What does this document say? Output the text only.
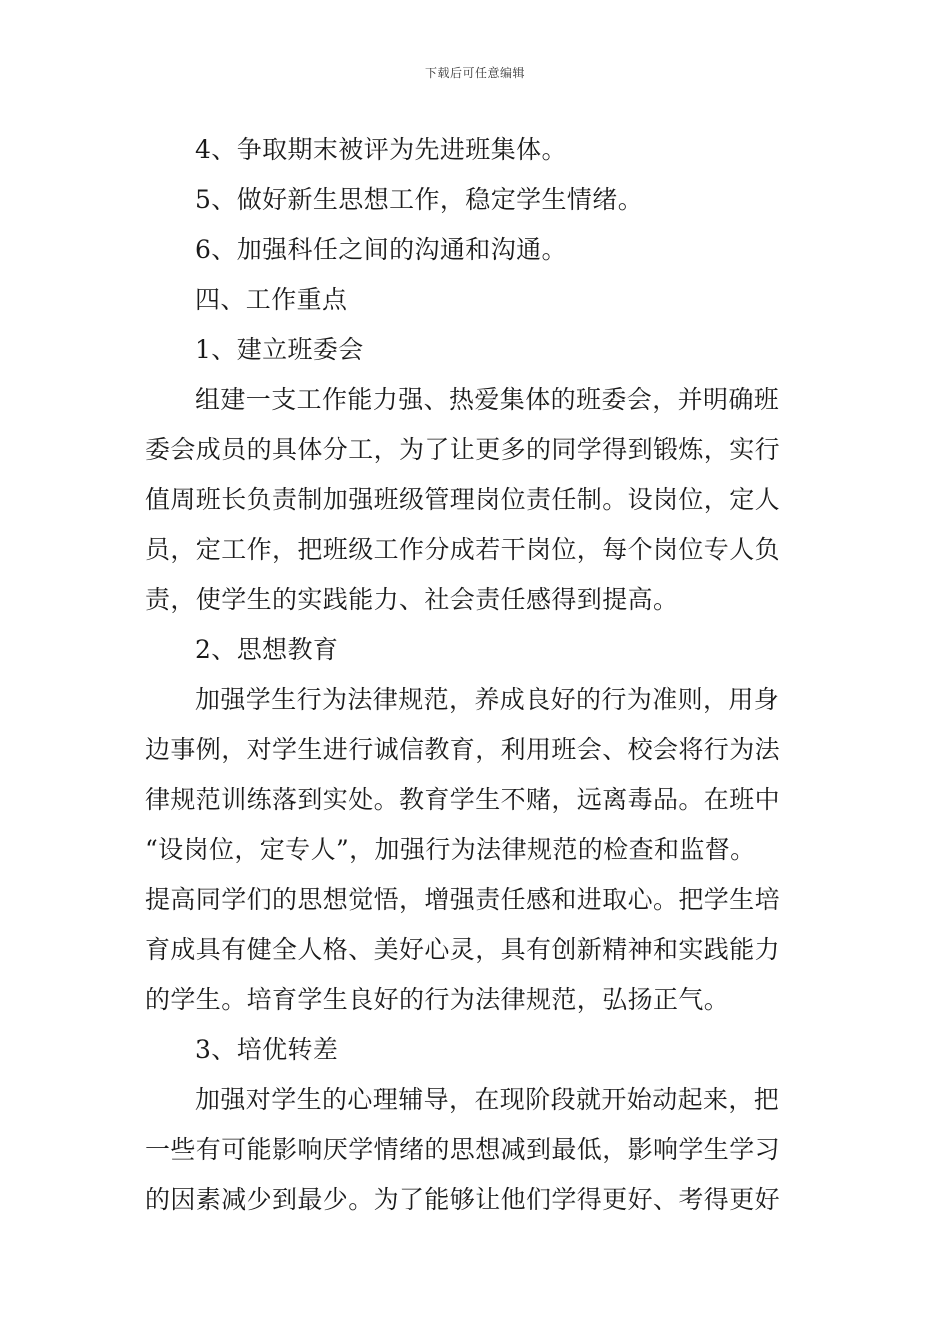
下载后可任意编辑
4、争取期末被评为先进班集体。
5、做好新生思想工作，稳定学生情绪。
6、加强科任之间的沟通和沟通。
四、工作重点
1、建立班委会
组建一支工作能力强、热爱集体的班委会，并明确班
委会成员的具体分工，为了让更多的同学得到锻炼，实行
值周班长负责制加强班级管理岗位责任制。设岗位，定人
员，定工作，把班级工作分成若干岗位，每个岗位专人负
责，使学生的实践能力、社会责任感得到提高。
2、思想教育
加强学生行为法律规范，养成良好的行为准则，用身
边事例，对学生进行诚信教育，利用班会、校会将行为法
律规范训练落到实处。教育学生不赌，远离毒品。在班中
“设岗位，定专人”，加强行为法律规范的检查和监督。
提高同学们的思想觉悟，增强责任感和进取心。把学生培
育成具有健全人格、美好心灵，具有创新精神和实践能力
的学生。培育学生良好的行为法律规范，弘扬正气。
3、培优转差
加强对学生的心理辅导，在现阶段就开始动起来，把
一些有可能影响厌学情绪的思想减到最低，影响学生学习
的因素减少到最少。为了能够让他们学得更好、考得更好
